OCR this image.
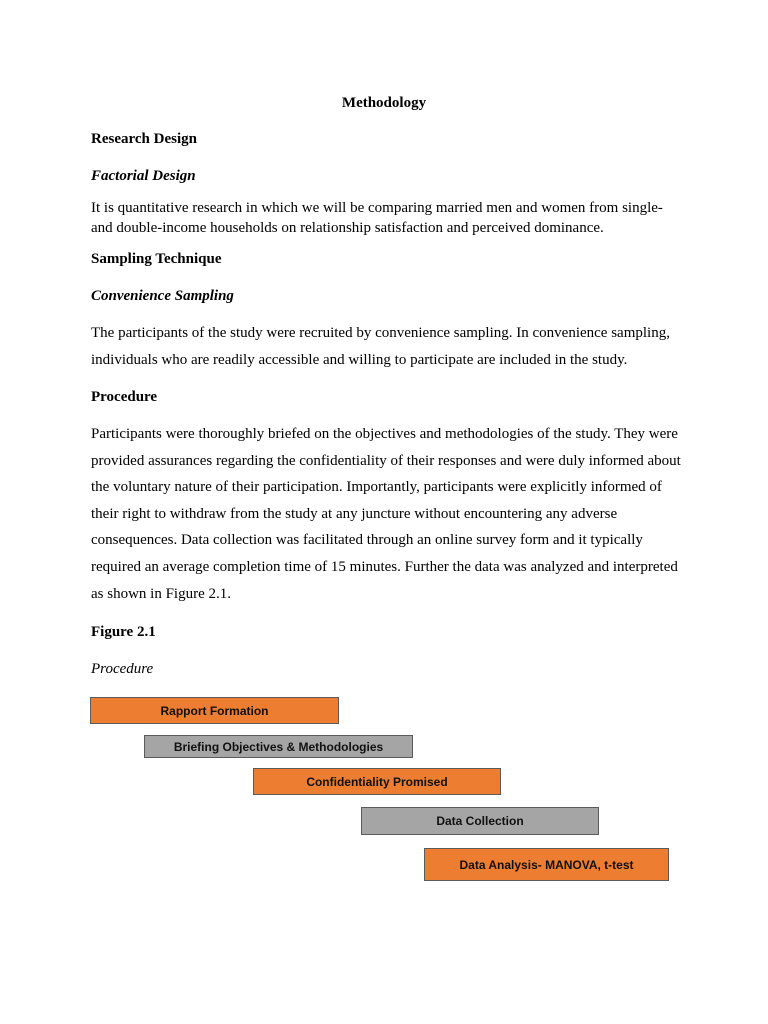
Methodology

Research Design

Factorial Design

It is quantitative research in which we will be comparing married men and women from single-and double-income households on relationship satisfaction and perceived dominance.

Sampling Technique

Convenience Sampling

The participants of the study were recruited by convenience sampling. In convenience sampling, individuals who are readily accessible and willing to participate are included in the study.

Procedure

Participants were thoroughly briefed on the objectives and methodologies of the study. They were provided assurances regarding the confidentiality of their responses and were duly informed about the voluntary nature of their participation. Importantly, participants were explicitly informed of their right to withdraw from the study at any juncture without encountering any adverse consequences. Data collection was facilitated through an online survey form and it typically required an average completion time of 15 minutes. Further the data was analyzed and interpreted as shown in Figure 2.1.

Figure 2.1

Procedure

Rapport Formation
Briefing Objectives & Methodologies
Confidentiality Promised
Data Collection
Data Analysis- MANOVA, t-test
